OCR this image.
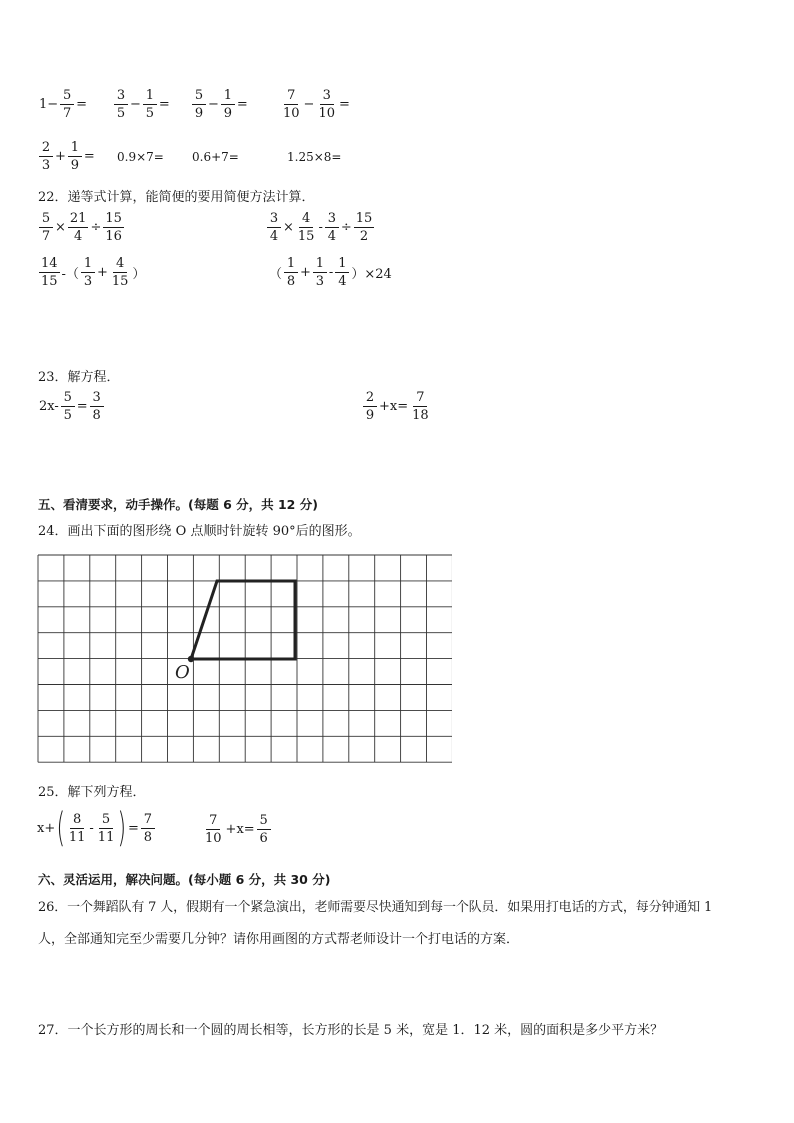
$1- \frac{5}{7} = \frac{3}{5} - \frac{1}{5} = \frac{5}{9} - \frac{1}{9}$ =	$\frac{7}{10} - \frac{3}{10}$ =
$\frac{2}{3} + \frac{1}{9} = 0.9\times 7= 0.6+7=$	1.25×8=
22．递等式计算，能简便的要用简便方法计算．
$\frac{5}{7} \times \frac{21}{4} \div \frac{15}{16}$	$\frac{3}{4} \times \frac{4}{15} - \frac{3}{4} \div \frac{15}{2}$
$\frac{14}{15}$ -（ $\frac{1}{3} + \frac{4}{15}$ ）	（ $\frac{1}{8} + \frac{1}{3} - \frac{1}{4} )\times 24$
23．解方程．
$2x- \frac{5}{5} = \frac{3}{8}$	$\frac{2}{9} +x= \frac{7}{18}$
五、看清要求，动手操作。(每题 6 分，共 12 分)
24．画出下面的图形绕 O 点顺时针旋转 90°后的图形。
O
25．解下列方程．
x+ ( $\frac{8}{11} - \frac{5}{11}$ ) = $\frac{7}{8}$	$\frac{7}{10} +x= \frac{5}{6}$
六、灵活运用，解决问题。(每小题 6 分，共 30 分)
26．一个舞蹈队有 7 人，假期有一个紧急演出，老师需要尽快通知到每一个队员．如果用打电话的方式，每分钟通知 1
人，全部通知完至少需要几分钟？请你用画图的方式帮老师设计一个打电话的方案．
27．一个长方形的周长和一个圆的周长相等，长方形的长是 5 米，宽是 1．12 米，圆的面积是多少平方米？
